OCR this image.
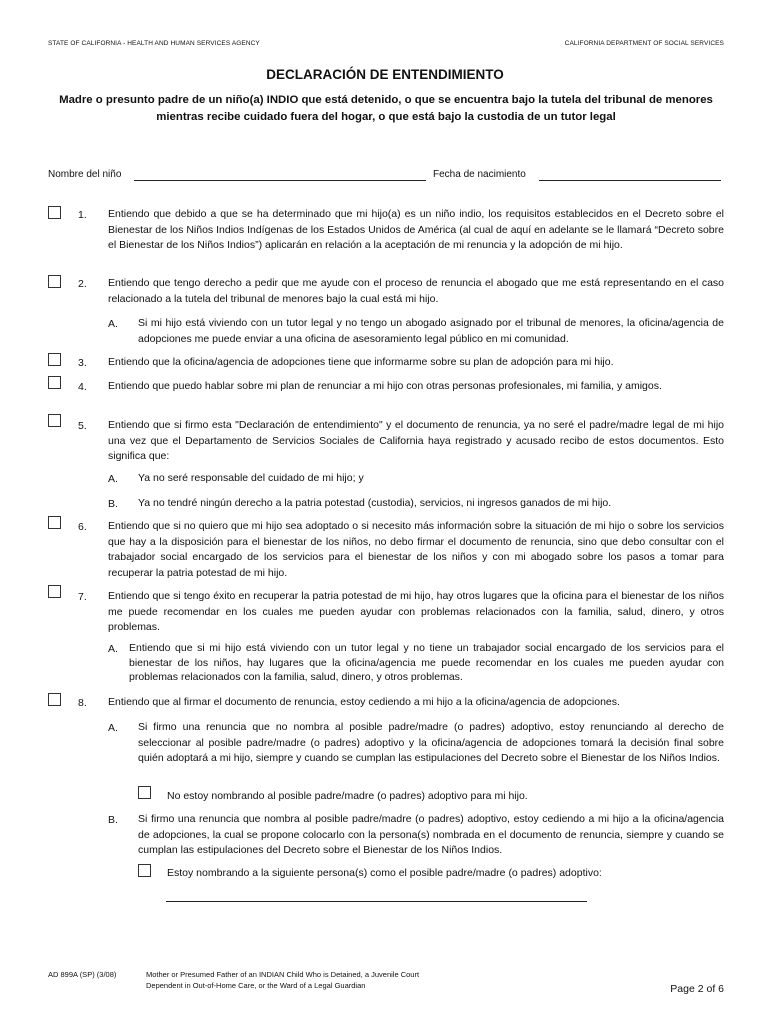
STATE OF CALIFORNIA - HEALTH AND HUMAN SERVICES AGENCY	CALIFORNIA DEPARTMENT OF SOCIAL SERVICES
DECLARACIÓN DE ENTENDIMIENTO
Madre o presunto padre de un niño(a) INDIO que está detenido, o que se encuentra bajo la tutela del tribunal de menores mientras recibe cuidado fuera del hogar, o que está bajo la custodia de un tutor legal
Nombre del niño	Fecha de nacimiento
1. Entiendo que debido a que se ha determinado que mi hijo(a) es un niño indio, los requisitos establecidos en el Decreto sobre el Bienestar de los Niños Indios Indígenas de los Estados Unidos de América (al cual de aquí en adelante se le llamará “Decreto sobre el Bienestar de los Niños Indios”) aplicarán en relación a la aceptación de mi renuncia y la adopción de mi hijo.
2. Entiendo que tengo derecho a pedir que me ayude con el proceso de renuncia el abogado que me está representando en el caso relacionado a la tutela del tribunal de menores bajo la cual está mi hijo.
A. Si mi hijo está viviendo con un tutor legal y no tengo un abogado asignado por el tribunal de menores, la oficina/agencia de adopciones me puede enviar a una oficina de asesoramiento legal público en mi comunidad.
3. Entiendo que la oficina/agencia de adopciones tiene que informarme sobre su plan de adopción para mi hijo.
4. Entiendo que puedo hablar sobre mi plan de renunciar a mi hijo con otras personas profesionales, mi familia, y amigos.
5. Entiendo que si firmo esta "Declaración de entendimiento" y el documento de renuncia, ya no seré el padre/madre legal de mi hijo una vez que el Departamento de Servicios Sociales de California haya registrado y acusado recibo de estos documentos. Esto significa que:
A. Ya no seré responsable del cuidado de mi hijo; y
B. Ya no tendré ningún derecho a la patria potestad (custodia), servicios, ni ingresos ganados de mi hijo.
6. Entiendo que si no quiero que mi hijo sea adoptado o si necesito más información sobre la situación de mi hijo o sobre los servicios que hay a la disposición para el bienestar de los niños, no debo firmar el documento de renuncia, sino que debo consultar con el trabajador social encargado de los servicios para el bienestar de los niños y con mi abogado sobre los pasos a tomar para recuperar la patria potestad de mi hijo.
7. Entiendo que si tengo éxito en recuperar la patria potestad de mi hijo, hay otros lugares que la oficina para el bienestar de los niños me puede recomendar en los cuales me pueden ayudar con problemas relacionados con la familia, salud, dinero, y otros problemas.
A. Entiendo que si mi hijo está viviendo con un tutor legal y no tiene un trabajador social encargado de los servicios para el bienestar de los niños, hay lugares que la oficina/agencia me puede recomendar en los cuales me pueden ayudar con problemas relacionados con la familia, salud, dinero, y otros problemas.
8. Entiendo que al firmar el documento de renuncia, estoy cediendo a mi hijo a la oficina/agencia de adopciones.
A. Si firmo una renuncia que no nombra al posible padre/madre (o padres) adoptivo, estoy renunciando al derecho de seleccionar al posible padre/madre (o padres) adoptivo y la oficina/agencia de adopciones tomará la decisión final sobre quién adoptará a mi hijo, siempre y cuando se cumplan las estipulaciones del Decreto sobre el Bienestar de los Niños Indios.
No estoy nombrando al posible padre/madre (o padres) adoptivo para mi hijo.
B. Si firmo una renuncia que nombra al posible padre/madre (o padres) adoptivo, estoy cediendo a mi hijo a la oficina/agencia de adopciones, la cual se propone colocarlo con la persona(s) nombrada en el documento de renuncia, siempre y cuando se cumplan las estipulaciones del Decreto sobre el Bienestar de los Niños Indios.
Estoy nombrando a la siguiente persona(s) como el posible padre/madre (o padres) adoptivo:
AD 899A (SP) (3/08)	Mother or Presumed Father of an INDIAN Child Who is Detained, a Juvenile Court
Dependent in Out-of-Home Care, or the Ward of a Legal Guardian	Page 2 of 6
